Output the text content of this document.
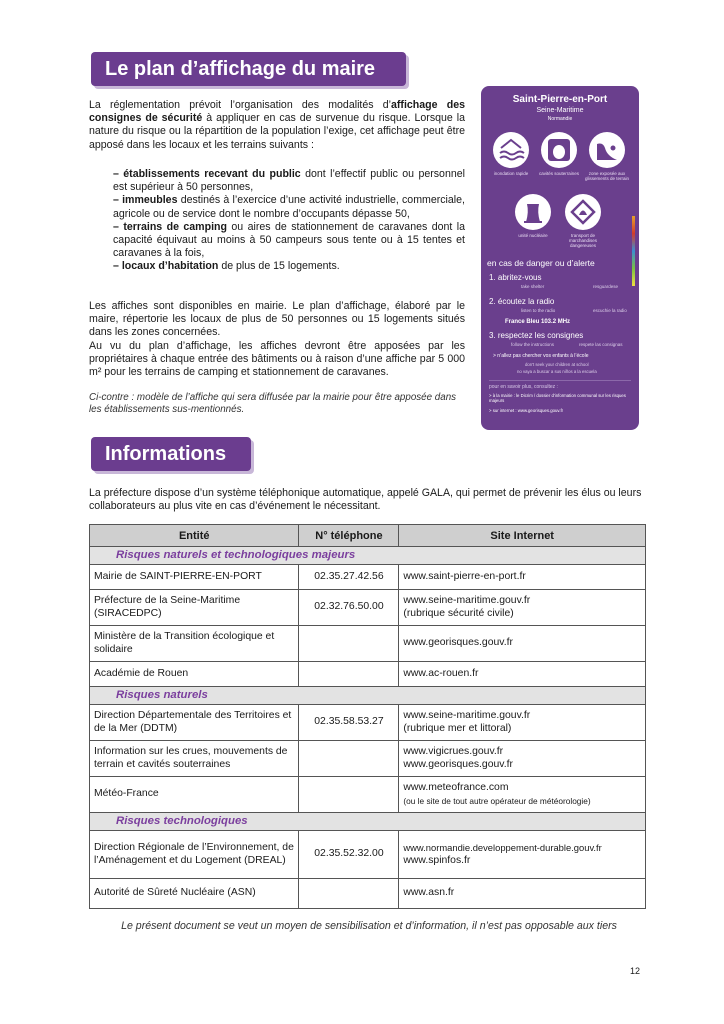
Le plan d’affichage du maire
La réglementation prévoit l’organisation des modalités d’affichage des consignes de sécurité à appliquer en cas de survenue du risque. Lorsque la nature du risque ou la répartition de la population l’exige, cet affichage peut être apposé dans les locaux et les terrains suivants :

– établissements recevant du public dont l’effectif public ou personnel est supérieur à 50 personnes,

– immeubles destinés à l’exercice d’une activité industrielle, commerciale, agricole ou de service dont le nombre d’occupants dépasse 50,

– terrains de camping ou aires de stationnement de caravanes dont la capacité équivaut au moins à 50 campeurs sous tente ou à 15 tentes et caravanes à la fois,

– locaux d’habitation de plus de 15 logements.

Les affiches sont disponibles en mairie. Le plan d’affichage, élaboré par le maire, répertorie les locaux de plus de 50 personnes ou 15 logements situés dans les zones concernées.

Au vu du plan d’affichage, les affiches devront être apposées par les propriétaires à chaque entrée des bâtiments ou à raison d’une affiche par 5 000 m² pour les terrains de camping et stationnement de caravanes.

Ci-contre : modèle de l’affiche qui sera diffusée par la mairie pour être apposée dans les établissements sus-mentionnés.
Saint-Pierre-en-Port
Seine-Maritime
Normandie
inondation rapide	cavités souterraines	zone exposée aux glissements de terrain
unité nucléaire	transport de marchandises dangereuses
en cas de danger ou d’alerte
1. abritez-vous
take shelter	resguardese
2. écoutez la radio
listen to the radio	escuchie la radio
France Bleu 103.2 MHz
3. respectez les consignes
follow the instructions	respete las consignas
> n’allez pas chercher vos enfants à l’école
don't seek your children at school
no vaya a buscar a sus niños a la escuela
pour en savoir plus, consultez :
> à la mairie : le Dicrim / dossier d’information communal sur les risques majeurs
> sur internet : www.georisques.gouv.fr
Informations
La préfecture dispose d’un système téléphonique automatique, appelé GALA, qui permet de prévenir les élus ou leurs collaborateurs au plus vite en cas d’événement le nécessitant.
Entité	N° téléphone	Site Internet
Risques naturels et technologiques majeurs		
Mairie de SAINT-PIERRE-EN-PORT	02.35.27.42.56	www.saint-pierre-en-port.fr
Préfecture de la Seine-Maritime (SIRACEDPC)	02.32.76.50.00	www.seine-maritime.gouv.fr
(rubrique sécurité civile)

Ministère de la Transition écologique et solidaire		www.georisques.gouv.fr
Académie de Rouen		www.ac-rouen.fr
Risques naturels		
Direction Départementale des Territoires et de la Mer (DDTM)	02.35.58.53.27	www.seine-maritime.gouv.fr
(rubrique mer et littoral)

Information sur les crues, mouvements de terrain et cavités souterraines		www.vigicrues.gouv.fr
www.georisques.gouv.fr

Météo-France		www.meteofrance.com
(ou le site de tout autre opérateur de météorologie)

Risques technologiques		
Direction Régionale de l’Environnement, de l’Aménagement et du Logement (DREAL)	02.35.52.32.00	www.normandie.developpement-durable.gouv.fr
www.spinfos.fr

Autorité de Sûreté Nucléaire (ASN)		www.asn.fr
Le présent document se veut un moyen de sensibilisation et d’information, il n’est pas opposable aux tiers
12
